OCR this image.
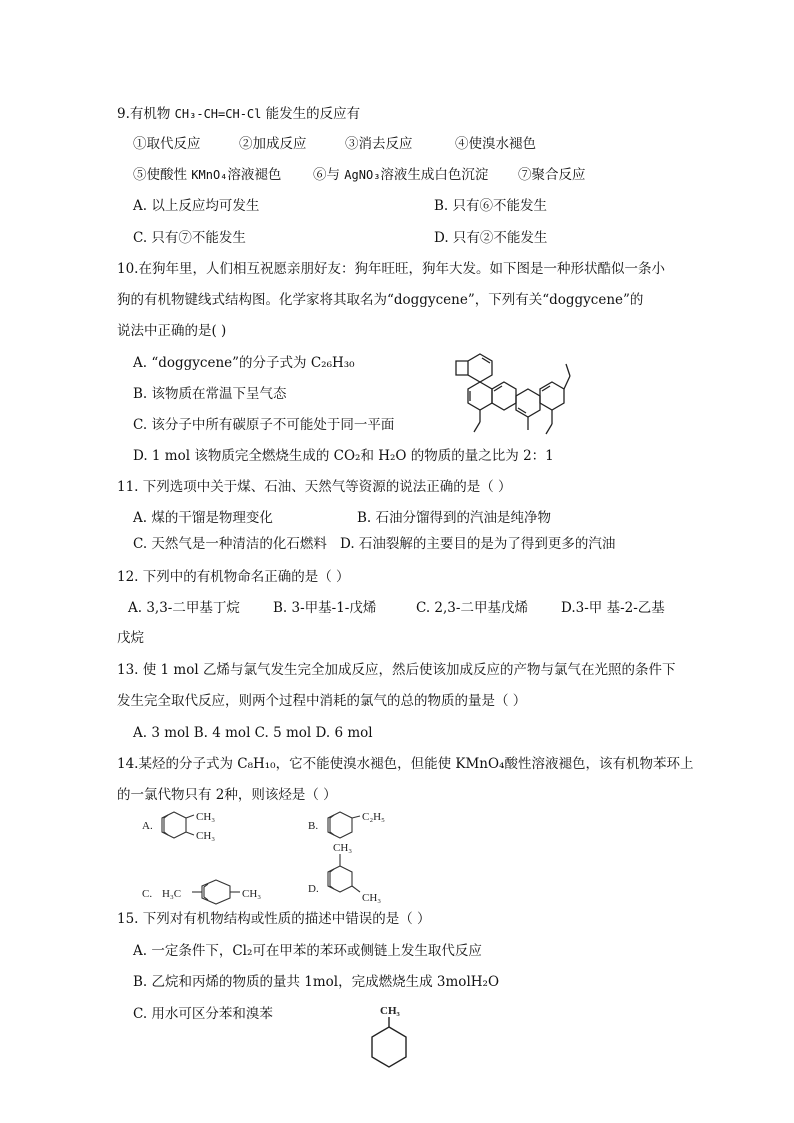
9.有机物 CH₃-CH=CH-Cl 能发生的反应有
①取代反应	②加成反应	③消去反应	④使溴水褪色
⑤使酸性 KMnO₄溶液褪色 ⑥与 AgNO₃溶液生成白色沉淀 ⑦聚合反应
A. 以上反应均可发生	B. 只有⑥不能发生
C. 只有⑦不能发生	D. 只有②不能发生
10.在狗年里，人们相互祝愿亲朋好友：狗年旺旺，狗年大发。如下图是一种形状酷似一条小
狗的有机物键线式结构图。化学家将其取名为“doggycene”，下列有关“doggycene”的
说法中正确的是( )
A. “doggycene”的分子式为 C₂₆H₃₀
B. 该物质在常温下呈气态
C. 该分子中所有碳原子不可能处于同一平面
D. 1 mol 该物质完全燃烧生成的 CO₂和 H₂O 的物质的量之比为 2：1
11. 下列选项中关于煤、石油、天然气等资源的说法正确的是（ ）
A. 煤的干馏是物理变化	B. 石油分馏得到的汽油是纯净物
C. 天然气是一种清洁的化石燃料 D. 石油裂解的主要目的是为了得到更多的汽油
12. 下列中的有机物命名正确的是（ ）
A. 3,3-二甲基丁烷 B. 3-甲基-1-戊烯	C. 2,3-二甲基戊烯 D.3-甲 基-2-乙基
戊烷
13. 使 1 mol 乙烯与氯气发生完全加成反应，然后使该加成反应的产物与氯气在光照的条件下
发生完全取代反应，则两个过程中消耗的氯气的总的物质的量是（ ）
A. 3 mol B. 4 mol C. 5 mol D. 6 mol
14.某烃的分子式为 C₈H₁₀，它不能使溴水褪色，但能使 KMnO₄酸性溶液褪色，该有机物苯环上
的一氯代物只有 2种，则该烃是（ ）
A.
CH₃
CH₃
B.
C₂H₅
C. H₃C	CH₃	D.
CH₃
CH₃
15. 下列对有机物结构或性质的描述中错误的是（ ）
A. 一定条件下，Cl₂可在甲苯的苯环或侧链上发生取代反应
B. 乙烷和丙烯的物质的量共 1mol，完成燃烧生成 3molH₂O
C. 用水可区分苯和溴苯	CH₃
